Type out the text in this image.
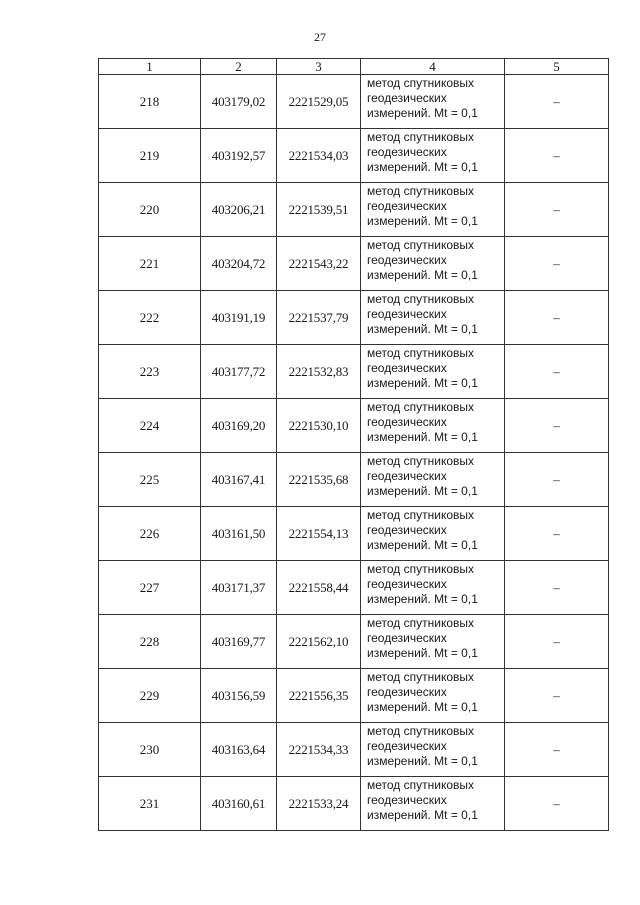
27
1	2	3	4	5
218	403179,02	2221529,05	метод спутниковых
геодезических
измерений. Mt = 0,1	–
219	403192,57	2221534,03	метод спутниковых
геодезических
измерений. Mt = 0,1	–
220	403206,21	2221539,51	метод спутниковых
геодезических
измерений. Mt = 0,1	–
221	403204,72	2221543,22	метод спутниковых
геодезических
измерений. Mt = 0,1	–
222	403191,19	2221537,79	метод спутниковых
геодезических
измерений. Mt = 0,1	–
223	403177,72	2221532,83	метод спутниковых
геодезических
измерений. Mt = 0,1	–
224	403169,20	2221530,10	метод спутниковых
геодезических
измерений. Mt = 0,1	–
225	403167,41	2221535,68	метод спутниковых
геодезических
измерений. Mt = 0,1	–
226	403161,50	2221554,13	метод спутниковых
геодезических
измерений. Mt = 0,1	–
227	403171,37	2221558,44	метод спутниковых
геодезических
измерений. Mt = 0,1	–
228	403169,77	2221562,10	метод спутниковых
геодезических
измерений. Mt = 0,1	–
229	403156,59	2221556,35	метод спутниковых
геодезических
измерений. Mt = 0,1	–
230	403163,64	2221534,33	метод спутниковых
геодезических
измерений. Mt = 0,1	–
231	403160,61	2221533,24	метод спутниковых
геодезических
измерений. Mt = 0,1	–
